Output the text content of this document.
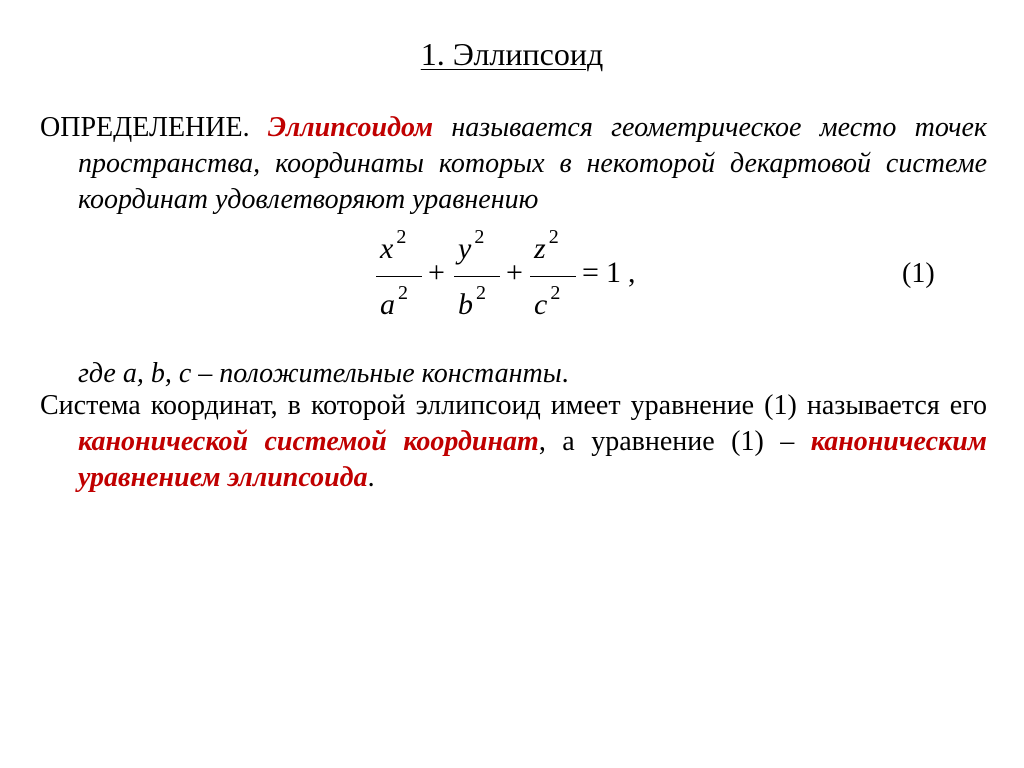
1. Эллипсоид
ОПРЕДЕЛЕНИЕ. Эллипсоидом называется геометрическое место точек пространства, координаты которых в некоторой декартовой системе координат удовлетворяют уравнению
x $^2$
a $^2$
+
y $^2$
b $^2$
+
z $^2$
c $^2$
= 1 ,	(1)
где a, b, c – положительные константы.
Система координат, в которой эллипсоид имеет уравнение (1) называется его канонической системой координат, а уравнение (1) – каноническим уравнением эллипсоида.
